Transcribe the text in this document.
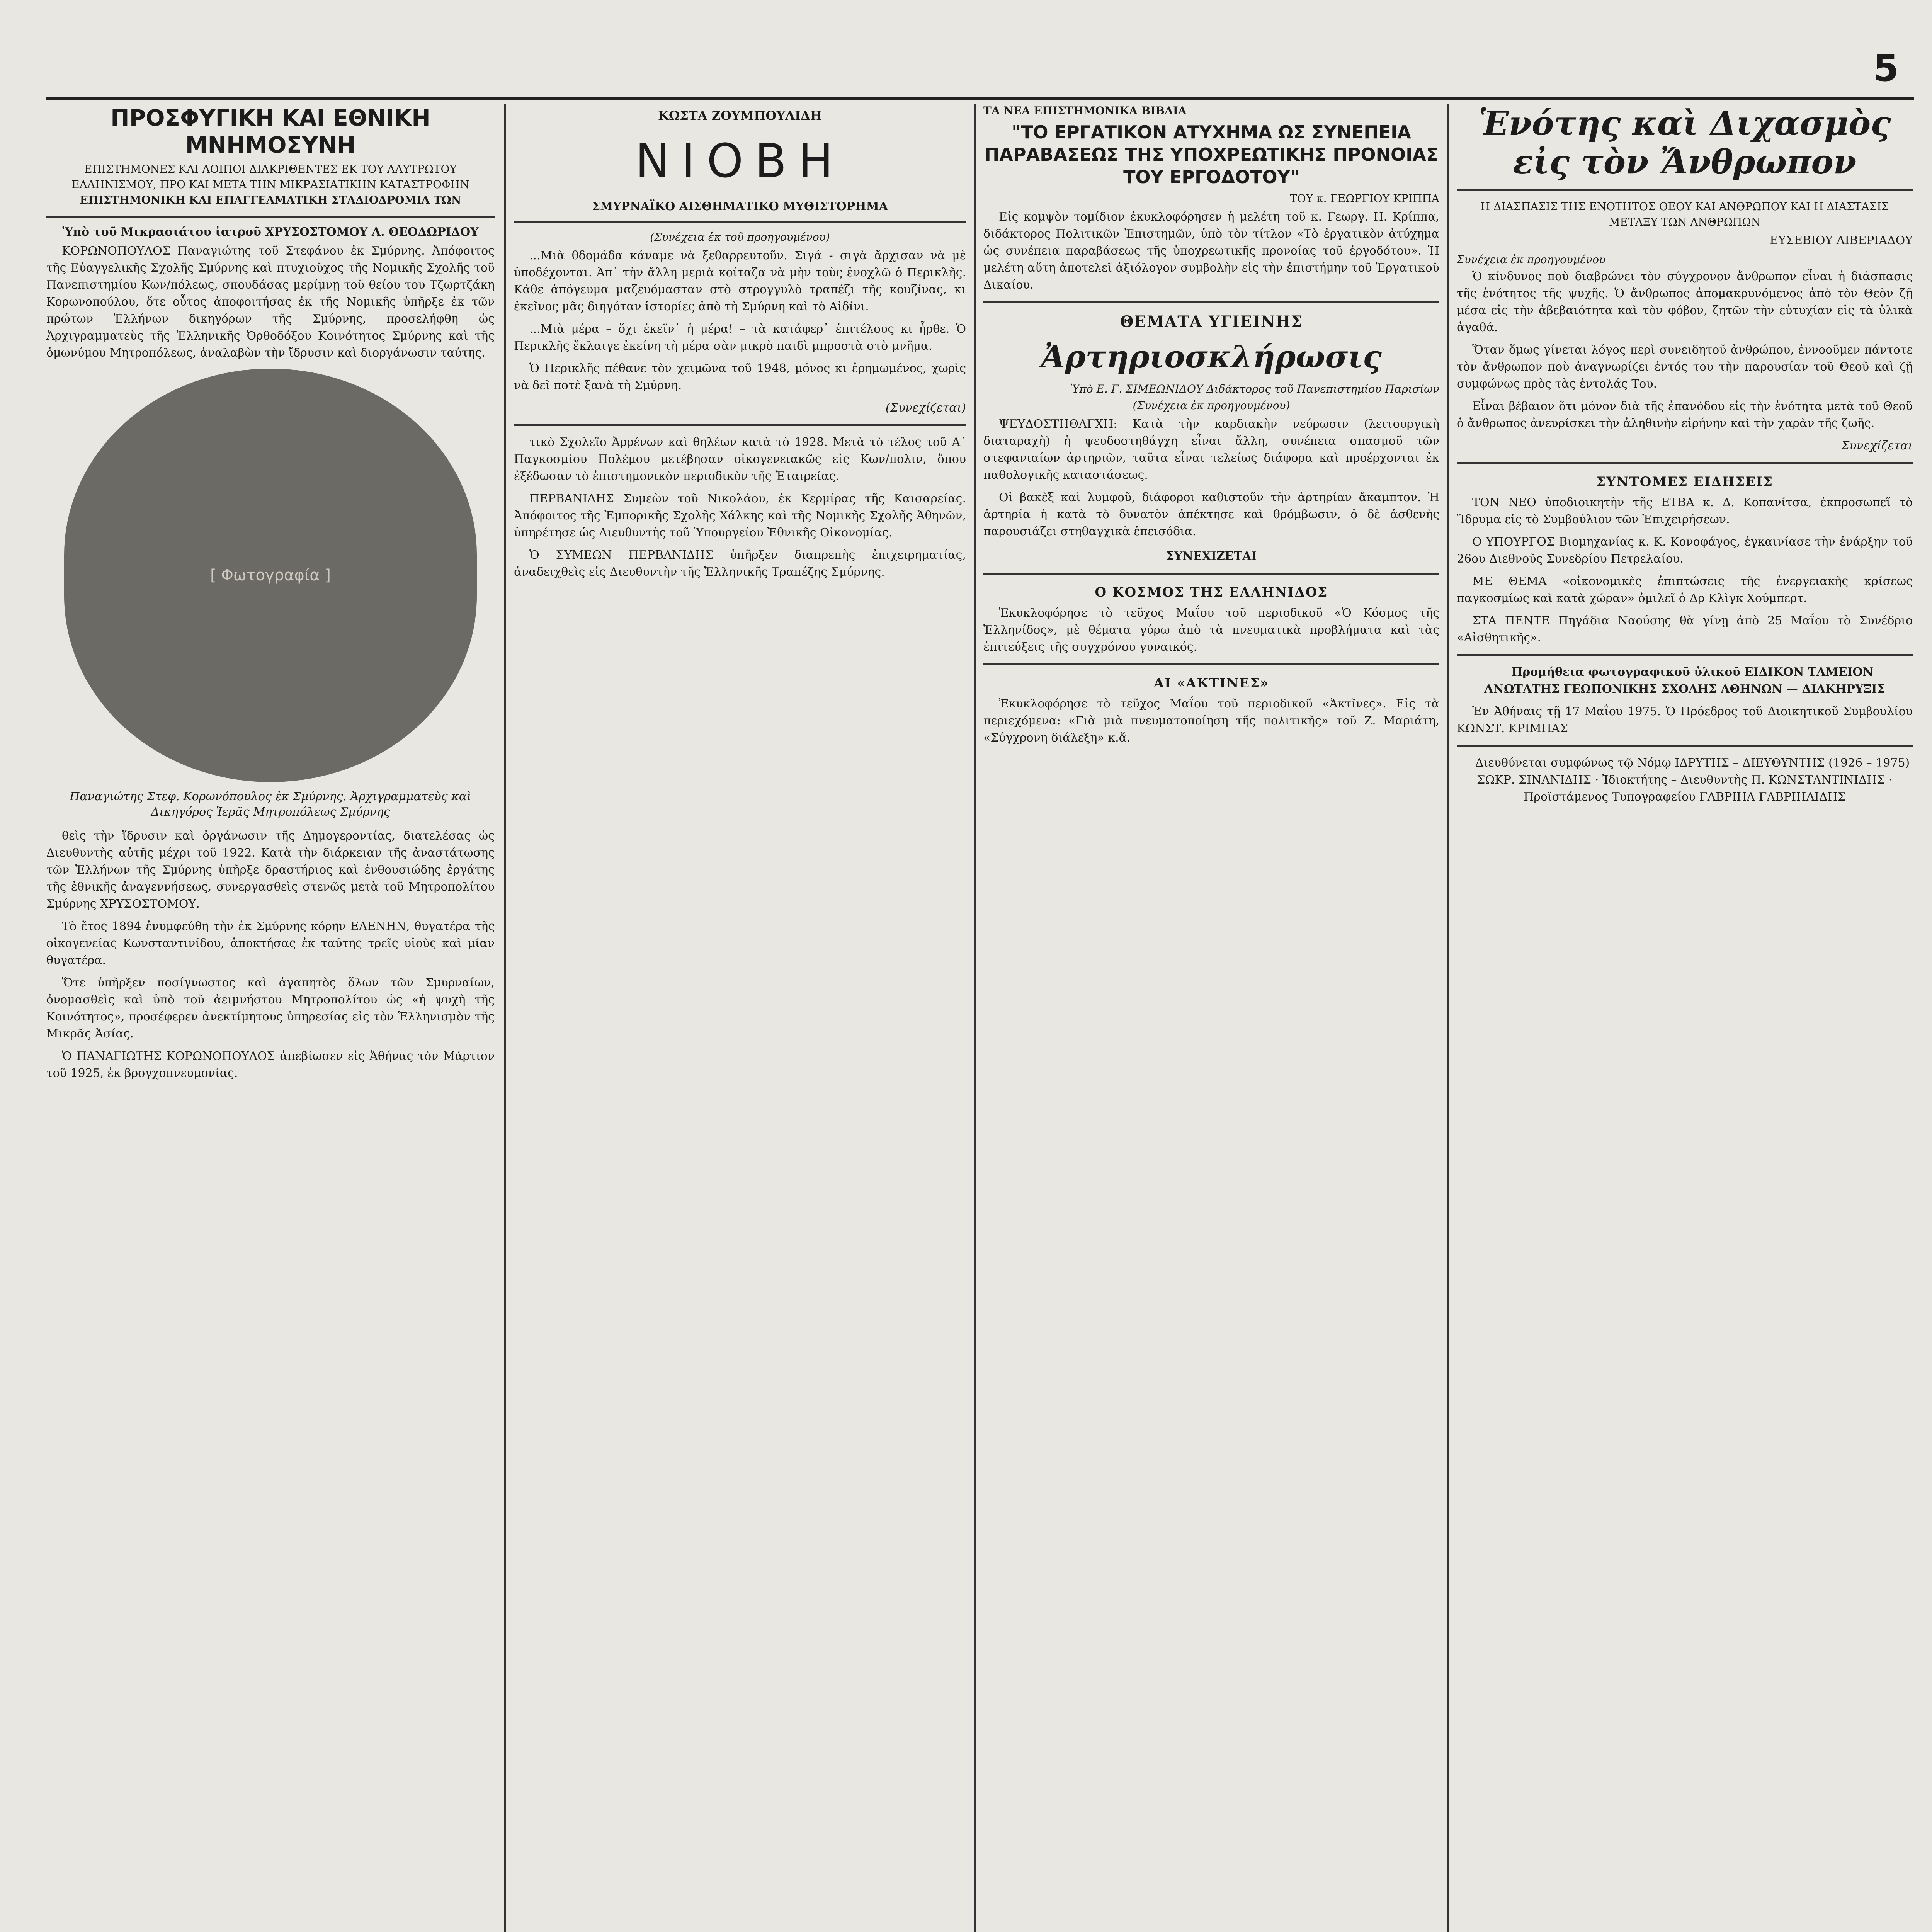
5
ΠΡΟΣΦΥΓΙΚΗ ΚΑΙ ΕΘΝΙΚΗ ΜΝΗΜΟΣΥΝΗ
ΕΠΙΣΤΗΜΟΝΕΣ ΚΑΙ ΛΟΙΠΟΙ ΔΙΑΚΡΙΘΕΝΤΕΣ ΕΚ ΤΟΥ ΑΛΥΤΡΩΤΟΥ ΕΛΛΗΝΙΣΜΟΥ, ΠΡΟ ΚΑΙ ΜΕΤΑ ΤΗΝ ΜΙΚΡΑΣΙΑΤΙΚΗΝ ΚΑΤΑΣΤΡΟΦΗΝ
ΕΠΙΣΤΗΜΟΝΙΚΗ ΚΑΙ ΕΠΑΓΓΕΛΜΑΤΙΚΗ ΣΤΑΔΙΟΔΡΟΜΙΑ ΤΩΝ
Ὑπὸ τοῦ Μικρασιάτου ἰατροῦ ΧΡΥΣΟΣΤΟΜΟΥ Α. ΘΕΟΔΩΡΙΔΟΥ

ΚΟΡΩΝΟΠΟΥΛΟΣ Παναγιώτης τοῦ Στεφάνου ἐκ Σμύρνης. Ἀπόφοιτος τῆς Εὐαγγελικῆς Σχολῆς Σμύρνης καὶ πτυχιοῦχος τῆς Νομικῆς Σχολῆς τοῦ Πανεπιστημίου Κων/πόλεως, σπουδάσας μερίμνῃ τοῦ θείου του Τζωρτζάκη Κορωνοπούλου, ὅτε οὗτος ἀποφοιτήσας ἐκ τῆς Νομικῆς ὑπῆρξε ἐκ τῶν πρώτων Ἑλλήνων δικηγόρων τῆς Σμύρνης, προσελήφθη ὡς Ἀρχιγραμματεὺς τῆς Ἑλληνικῆς Ὀρθοδόξου Κοινότητος Σμύρνης καὶ τῆς ὁμωνύμου Μητροπόλεως, ἀναλαβὼν τὴν ἴδρυσιν καὶ διοργάνωσιν ταύτης.

[ Φωτογραφία ]
Παναγιώτης Στεφ. Κορωνόπουλος ἐκ Σμύρνης. Ἀρχιγραμματεὺς καὶ Δικηγόρος Ἱερᾶς Μητροπόλεως Σμύρνης

θεὶς τὴν ἵδρυσιν καὶ ὀργάνωσιν τῆς Δημογεροντίας, διατελέσας ὡς Διευθυντὴς αὐτῆς μέχρι τοῦ 1922. Κατὰ τὴν διάρκειαν τῆς ἀναστάτωσης τῶν Ἑλλήνων τῆς Σμύρνης ὑπῆρξε δραστήριος καὶ ἐνθουσιώδης ἐργάτης τῆς ἐθνικῆς ἀναγεννήσεως, συνεργασθεὶς στενῶς μετὰ τοῦ Μητροπολίτου Σμύρνης ΧΡΥΣΟΣΤΟΜΟΥ.

Τὸ ἔτος 1894 ἐνυμφεύθη τὴν ἐκ Σμύρνης κόρην ΕΛΕΝΗΝ, θυγατέρα τῆς οἰκογενείας Κωνσταντινίδου, ἀποκτήσας ἐκ ταύτης τρεῖς υἱοὺς καὶ μίαν θυγατέρα.

Ὅτε ὑπῆρξεν ποσίγνωστος καὶ ἀγαπητὸς ὅλων τῶν Σμυρναίων, ὀνομασθεὶς καὶ ὑπὸ τοῦ ἀειμνήστου Μητροπολίτου ὡς «ἡ ψυχὴ τῆς Κοινότητος», προσέφερεν ἀνεκτίμητους ὑπηρεσίας εἰς τὸν Ἑλληνισμὸν τῆς Μικρᾶς Ἀσίας.

Ὁ ΠΑΝΑΓΙΩΤΗΣ ΚΟΡΩΝΟΠΟΥΛΟΣ ἀπεβίωσεν εἰς Ἀθήνας τὸν Μάρτιον τοῦ 1925, ἐκ βρογχοπνευμονίας.

ΚΩΣΤΑ ΖΟΥΜΠΟΥΛΙΔΗ
ΝΙΟΒΗ
ΣΜΥΡΝΑΪΚΟ ΑΙΣΘΗΜΑΤΙΚΟ ΜΥΘΙΣΤΟΡΗΜΑ
(Συνέχεια ἐκ τοῦ προηγουμένου)

...Μιὰ θδομάδα κάναμε νὰ ξεθαρρευτοῦν. Σιγά - σιγὰ ἄρχισαν νὰ μὲ ὑποδέχονται. Ἀπ᾽ τὴν ἄλλη μεριὰ κοίταζα νὰ μὴν τοὺς ἐνοχλῶ ὁ Περικλῆς. Κάθε ἀπόγευμα μαζευόμασταν στὸ στρογγυλὸ τραπέζι τῆς κουζίνας, κι ἐκεῖνος μᾶς διηγόταν ἱστορίες ἀπὸ τὴ Σμύρνη καὶ τὸ Αἰδίνι.

...Μιὰ μέρα – ὅχι ἐκεῖν᾽ ἡ μέρα! – τὰ κατάφερ᾽ ἐπιτέλους κι ἦρθε. Ὁ Περικλῆς ἔκλαιγε ἐκείνη τὴ μέρα σὰν μικρὸ παιδὶ μπροστὰ στὸ μνῆμα.

Ὁ Περικλῆς πέθανε τὸν χειμῶνα τοῦ 1948, μόνος κι ἐρημωμένος, χωρὶς νὰ δεῖ ποτὲ ξανὰ τὴ Σμύρνη.

(Συνεχίζεται)

τικὸ Σχολεῖο Ἀρρένων καὶ θηλέων κατὰ τὸ 1928. Μετὰ τὸ τέλος τοῦ Α΄ Παγκοσμίου Πολέμου μετέβησαν οἰκογενειακῶς εἰς Κων/πολιν, ὅπου ἐξέδωσαν τὸ ἐπιστημονικὸν περιοδικὸν τῆς Ἐταιρείας.

ΠΕΡΒΑΝΙΔΗΣ Συμεὼν τοῦ Νικολάου, ἐκ Κερμίρας τῆς Καισαρείας. Ἀπόφοιτος τῆς Ἐμπορικῆς Σχολῆς Χάλκης καὶ τῆς Νομικῆς Σχολῆς Ἀθηνῶν, ὑπηρέτησε ὡς Διευθυντὴς τοῦ Ὑπουργείου Ἐθνικῆς Οἰκονομίας.

Ὁ ΣΥΜΕΩΝ ΠΕΡΒΑΝΙΔΗΣ ὑπῆρξεν διαπρεπὴς ἐπιχειρηματίας, ἀναδειχθεὶς εἰς Διευθυντὴν τῆς Ἑλληνικῆς Τραπέζης Σμύρνης.

ΤΑ ΝΕΑ ΕΠΙΣΤΗΜΟΝΙΚΑ ΒΙΒΛΙΑ
"ΤΟ ΕΡΓΑΤΙΚΟΝ ΑΤΥΧΗΜΑ ΩΣ ΣΥΝΕΠΕΙΑ ΠΑΡΑΒΑΣΕΩΣ ΤΗΣ ΥΠΟΧΡΕΩΤΙΚΗΣ ΠΡΟΝΟΙΑΣ ΤΟΥ ΕΡΓΟΔΟΤΟΥ"
ΤΟΥ κ. ΓΕΩΡΓΙΟΥ ΚΡΙΠΠΑ

Εἰς κομψὸν τομίδιον ἐκυκλοφόρησεν ἡ μελέτη τοῦ κ. Γεωργ. Η. Κρίππα, διδάκτορος Πολιτικῶν Ἐπιστημῶν, ὑπὸ τὸν τίτλον «Τὸ ἐργατικὸν ἀτύχημα ὡς συνέπεια παραβάσεως τῆς ὑποχρεωτικῆς προνοίας τοῦ ἐργοδότου». Ἡ μελέτη αὕτη ἀποτελεῖ ἀξιόλογον συμβολὴν εἰς τὴν ἐπιστήμην τοῦ Ἐργατικοῦ Δικαίου.

ΘΕΜΑΤΑ ΥΓΙΕΙΝΗΣ
Ἀρτηριοσκλήρωσις
Ὑπὸ Ε. Γ. ΣΙΜΕΩΝΙΔΟΥ Διδάκτορος τοῦ Πανεπιστημίου Παρισίων
(Συνέχεια ἐκ προηγουμένου)

ΨΕΥΔΟΣΤΗΘΑΓΧΗ: Κατὰ τὴν καρδιακὴν νεύρωσιν (λειτουργικὴ διαταραχὴ) ἡ ψευδοστηθάγχη εἶναι ἄλλη, συνέπεια σπασμοῦ τῶν στεφανιαίων ἀρτηριῶν, ταῦτα εἶναι τελείως διάφορα καὶ προέρχονται ἐκ παθολογικῆς καταστάσεως.

Οἱ βακὲξ καὶ λυμφοῦ, διάφοροι καθιστοῦν τὴν ἀρτηρίαν ἄκαμπτον. Ἡ ἀρτηρία ἡ κατὰ τὸ δυνατὸν ἀπέκτησε καὶ θρόμβωσιν, ὁ δὲ ἀσθενὴς παρουσιάζει στηθαγχικὰ ἐπεισόδια.

ΣΥΝΕΧΙΖΕΤΑΙ
Ο ΚΟΣΜΟΣ ΤΗΣ ΕΛΛΗΝΙΔΟΣ

Ἐκυκλοφόρησε τὸ τεῦχος Μαΐου τοῦ περιοδικοῦ «Ὁ Κόσμος τῆς Ἑλληνίδος», μὲ θέματα γύρω ἀπὸ τὰ πνευματικὰ προβλήματα καὶ τὰς ἐπιτεύξεις τῆς συγχρόνου γυναικός.

ΑΙ «ΑΚΤΙΝΕΣ»

Ἐκυκλοφόρησε τὸ τεῦχος Μαΐου τοῦ περιοδικοῦ «Ἀκτῖνες». Εἰς τὰ περιεχόμενα: «Γιὰ μιὰ πνευματοποίηση τῆς πολιτικῆς» τοῦ Ζ. Μαριάτη, «Σύγχρονη διάλεξη» κ.ἄ.

Ἑνότης καὶ Διχασμὸς εἰς τὸν Ἄνθρωπον
Η ΔΙΑΣΠΑΣΙΣ ΤΗΣ ΕΝΟΤΗΤΟΣ ΘΕΟΥ ΚΑΙ ΑΝΘΡΩΠΟΥ ΚΑΙ Η ΔΙΑΣΤΑΣΙΣ ΜΕΤΑΞΥ ΤΩΝ ΑΝΘΡΩΠΩΝ
ΕΥΣΕΒΙΟΥ ΛΙΒΕΡΙΑΔΟΥ
Συνέχεια ἐκ προηγουμένου

Ὁ κίνδυνος ποὺ διαβρώνει τὸν σύγχρονον ἄνθρωπον εἶναι ἡ διάσπασις τῆς ἑνότητος τῆς ψυχῆς. Ὁ ἄνθρωπος ἀπομακρυνόμενος ἀπὸ τὸν Θεὸν ζῇ μέσα εἰς τὴν ἀβεβαιότητα καὶ τὸν φόβον, ζητῶν τὴν εὐτυχίαν εἰς τὰ ὑλικὰ ἀγαθά.

Ὅταν ὅμως γίνεται λόγος περὶ συνειδητοῦ ἀνθρώπου, ἐννοοῦμεν πάντοτε τὸν ἄνθρωπον ποὺ ἀναγνωρίζει ἐντός του τὴν παρουσίαν τοῦ Θεοῦ καὶ ζῇ συμφώνως πρὸς τὰς ἐντολάς Του.

Εἶναι βέβαιον ὅτι μόνον διὰ τῆς ἐπανόδου εἰς τὴν ἑνότητα μετὰ τοῦ Θεοῦ ὁ ἄνθρωπος ἀνευρίσκει τὴν ἀληθινὴν εἰρήνην καὶ τὴν χαρὰν τῆς ζωῆς.

Συνεχίζεται
ΣΥΝΤΟΜΕΣ ΕΙΔΗΣΕΙΣ

ΤΟΝ ΝΕΟ ὑποδιοικητὴν τῆς ΕΤΒΑ κ. Δ. Κοπανίτσα, ἐκπροσωπεῖ τὸ Ἵδρυμα εἰς τὸ Συμβούλιον τῶν Ἐπιχειρήσεων.

Ο ΥΠΟΥΡΓΟΣ Βιομηχανίας κ. Κ. Κονοφάγος, ἐγκαινίασε τὴν ἐνάρξην τοῦ 26ου Διεθνοῦς Συνεδρίου Πετρελαίου.

ΜΕ ΘΕΜΑ «οἰκονομικὲς ἐπιπτώσεις τῆς ἐνεργειακῆς κρίσεως παγκοσμίως καὶ κατὰ χώραν» ὁμιλεῖ ὁ Δρ Κλὶγκ Χούμπερτ.

ΣΤΑ ΠΕΝΤΕ Πηγάδια Ναούσης θὰ γίνῃ ἀπὸ 25 Μαΐου τὸ Συνέδριο «Αἰσθητικῆς».

Προμήθεια φωτογραφικοῦ ὑλικοῦ ΕΙΔΙΚΟΝ ΤΑΜΕΙΟΝ ΑΝΩΤΑΤΗΣ ΓΕΩΠΟΝΙΚΗΣ ΣΧΟΛΗΣ ΑΘΗΝΩΝ — ΔΙΑΚΗΡΥΞΙΣ

Ἐν Ἀθήναις τῇ 17 Μαΐου 1975. Ὁ Πρόεδρος τοῦ Διοικητικοῦ Συμβουλίου ΚΩΝΣΤ. ΚΡΙΜΠΑΣ

Διευθύνεται συμφώνως τῷ Νόμῳ ΙΔΡΥΤΗΣ – ΔΙΕΥΘΥΝΤΗΣ (1926 – 1975) ΣΩΚΡ. ΣΙΝΑΝΙΔΗΣ · Ἰδιοκτήτης – Διευθυντὴς Π. ΚΩΝΣΤΑΝΤΙΝΙΔΗΣ · Προϊστάμενος Τυπογραφείου ΓΑΒΡΙΗΛ ΓΑΒΡΙΗΛΙΔΗΣ
